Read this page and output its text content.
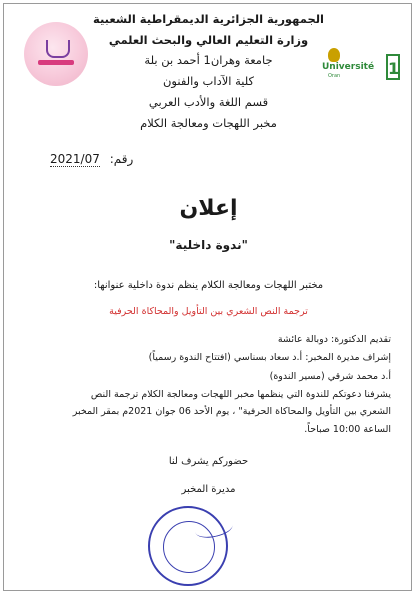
Université 1
Oran
الجمهورية الجزائرية الديمقراطية الشعبية
وزارة التعليم العالي والبحث العلمي
جامعة وهران1 أحمد بن بلة
كلية الآداب والفنون
قسم اللغة والأدب العربي
مخبر اللهجات ومعالجة الكلام
2021/07 رقم:
إعلان
"ندوة داخلية"
مختبر اللهجات ومعالجة الكلام ينظم ندوة داخلية عنوانها:
ترجمة النص الشعري بين التأويل والمحاكاة الحرفية
تقديم الدكتورة: دوبالة عائشة
إشراف مديرة المخبر: أ.د سعاد بسناسي (افتتاح الندوة رسمياً)
أ.د محمد شرقي (مسير الندوة)
يشرفنا دعوتكم للندوة التي ينظمها مخبر اللهجات ومعالجة الكلام ترجمة النص
الشعري بين التأويل والمحاكاة الحرفية" ، يوم الأحد 06 جوان 2021م بمقر المخبر
الساعة 10:00 صباحاً.
حضوركم يشرف لنا
مديرة المخبر
